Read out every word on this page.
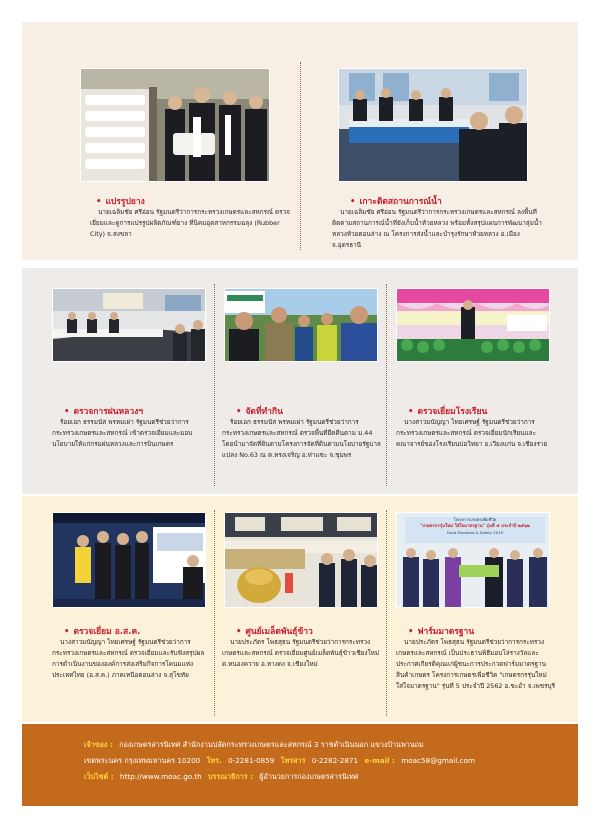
• แปรรูปยาง
นายเฉลิมชัย ศรีอ่อน รัฐมนตรีว่าการกระทรวงเกษตรและสหกรณ์ ตรวจเยี่ยมและดูการแปรรูปผลิตภัณฑ์ยาง ที่นิคมอุตสาหกรรมฉลุง (Rubber City) จ.สงขลา
• เกาะติดสถานการณ์น้ำ
นายเฉลิมชัย ศรีอ่อน รัฐมนตรีว่าการกระทรวงเกษตรและสหกรณ์ ลงพื้นที่ติดตามสถานการณ์น้ำที่ยังเก็บน้ำห้วยหลวง พร้อมทั้งสรุปแผนการพัฒนาลุ่มน้ำหลวงห้วยตอนล่าง ณ โครงการส่งน้ำและบำรุงรักษาห้วยหลวง อ.เมือง จ.อุดรธานี
• ตรวจการฝนหลวงฯ
ร้อยเอก ธรรมนัส พรหมเผ่า รัฐมนตรีช่วยว่าการกระทรวงเกษตรและสหกรณ์ เข้าตรวจเยี่ยมและมอบนโยบายให้แก่กรมฝนหลวงและการบินเกษตร
• จัดที่ทำกิน
ร้อยเอก ธรรมนัส พรหมเผ่า รัฐมนตรีช่วยว่าการกระทรวงเกษตรและสหกรณ์ ตรวจพื้นที่ยึดคืนตาม ม.44 โดยนำมาจัดที่ดินตามโครงการจัดที่ดินตามนโยบายรัฐบาลแปลง No.63 ณ ต.ทรงเจริญ อ.ท่าแซะ จ.ชุมพร
• ตรวจเยี่ยมโรงเรียน
นางสาวมนัญญา ไทยเศรษฐ์ รัฐมนตรีช่วยว่าการกระทรวงเกษตรและสหกรณ์ ตรวจเยี่ยมนักเรียนและคณาจารย์ของโรงเรียนบ่อวิทยา อ.เวียงแก่น จ.เชียงราย
• ตรวจเยี่ยม อ.ส.ค.
นางสาวมนัญญา ไทยเศรษฐ์ รัฐมนตรีช่วยว่าการกระทรวงเกษตรและสหกรณ์ ตรวจเยี่ยมและรับฟังสรุปผลการดำเนินงานขององค์การส่งเสริมกิจการโคนมแห่งประเทศไทย (อ.ส.ค.) ภาคเหนือตอนล่าง จ.สุโขทัย
• ศูนย์เมล็ดพันธุ์ข้าว
นายประภัตร โพธสุธน รัฐมนตรีช่วยว่าการกระทรวงเกษตรและสหกรณ์ ตรวจเยี่ยมศูนย์เมล็ดพันธุ์ข้าวเชียงใหม่ ต.หนองควาย อ.หางดง จ.เชียงใหม่
โครงการเกษตรเพื่อชีวิต
"เกษตรกรรุ่นใหม่ ใส่ใจมาตรฐาน" รุ่นที่ ๕ ประจำปี ๒๕๖๒
Food Standard & Safety 2019
• ฟาร์มมาตรฐาน
นายประภัตร โพธสุธน รัฐมนตรีช่วยว่าการกระทรวงเกษตรและสหกรณ์ เป็นประธานพิธีมอบโล่รางวัลและประกาศเกียรติคุณแก่ผู้ชนะการประกวดฟาร์มมาตรฐานสินค้าเกษตร โครงการเกษตรเพื่อชีวิต "เกษตรกรรุ่นใหม่ ใส่ใจมาตรฐาน" รุ่นที่ 5 ประจำปี 2562 อ.ชะอำ จ.เพชรบุรี
เจ้าของ : กองเกษตรสารนิเทศ สำนักงานปลัดกระทรวงเกษตรและสหกรณ์ 3 ราชดำเนินนอก แขวงบ้านพานถม
เขตพระนคร กรุงเทพมหานคร 10200 โทร. 0-2281-0859 โทรสาร 0-2282-2871 e-mail : moac58@gmail.com
เว็บไซต์ : http://www.moac.go.th บรรณาธิการ : ผู้อำนวยการกองเกษตรสารนิเทศ
